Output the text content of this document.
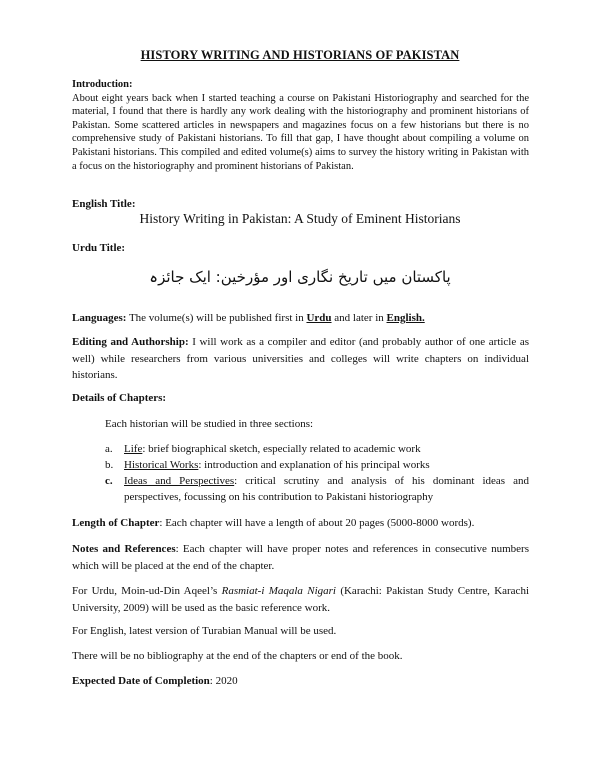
HISTORY WRITING AND HISTORIANS OF PAKISTAN
Introduction:
About eight years back when I started teaching a course on Pakistani Historiography and searched for the material, I found that there is hardly any work dealing with the historiography and prominent historians of Pakistan. Some scattered articles in newspapers and magazines focus on a few historians but there is no comprehensive study of Pakistani historians. To fill that gap, I have thought about compiling a volume on Pakistani historians. This compiled and edited volume(s) aims to survey the history writing in Pakistan with a focus on the historiography and prominent historians of Pakistan.
English Title:
History Writing in Pakistan: A Study of Eminent Historians
Urdu Title:
پاکستان میں تاریخ نگاری اور مؤرخین: ایک جائزہ
Languages: The volume(s) will be published first in Urdu and later in English.
Editing and Authorship: I will work as a compiler and editor (and probably author of one article as well) while researchers from various universities and colleges will write chapters on individual historians.
Details of Chapters:
Each historian will be studied in three sections:
a. Life: brief biographical sketch, especially related to academic work
b. Historical Works: introduction and explanation of his principal works
c. Ideas and Perspectives: critical scrutiny and analysis of his dominant ideas and perspectives, focussing on his contribution to Pakistani historiography
Length of Chapter: Each chapter will have a length of about 20 pages (5000-8000 words).
Notes and References: Each chapter will have proper notes and references in consecutive numbers which will be placed at the end of the chapter.
For Urdu, Moin-ud-Din Aqeel’s Rasmiat-i Maqala Nigari (Karachi: Pakistan Study Centre, Karachi University, 2009) will be used as the basic reference work.
For English, latest version of Turabian Manual will be used.
There will be no bibliography at the end of the chapters or end of the book.
Expected Date of Completion: 2020
